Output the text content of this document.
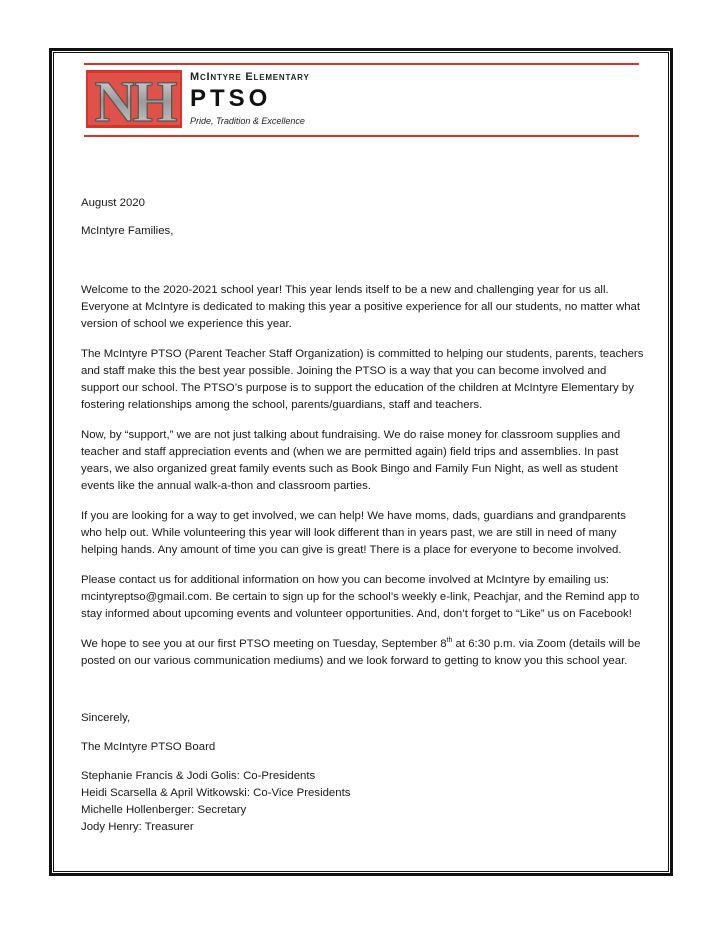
NH	McIntyre Elementary
PTSO
Pride, Tradition & Excellence
August 2020
McIntyre Families,
Welcome to the 2020-2021 school year! This year lends itself to be a new and challenging year for us all. Everyone at McIntyre is dedicated to making this year a positive experience for all our students, no matter what version of school we experience this year.
The McIntyre PTSO (Parent Teacher Staff Organization) is committed to helping our students, parents, teachers and staff make this the best year possible. Joining the PTSO is a way that you can become involved and support our school. The PTSO’s purpose is to support the education of the children at McIntyre Elementary by fostering relationships among the school, parents/guardians, staff and teachers.
Now, by “support,” we are not just talking about fundraising. We do raise money for classroom supplies and teacher and staff appreciation events and (when we are permitted again) field trips and assemblies. In past years, we also organized great family events such as Book Bingo and Family Fun Night, as well as student events like the annual walk-a-thon and classroom parties.
If you are looking for a way to get involved, we can help! We have moms, dads, guardians and grandparents who help out. While volunteering this year will look different than in years past, we are still in need of many helping hands. Any amount of time you can give is great! There is a place for everyone to become involved.
Please contact us for additional information on how you can become involved at McIntyre by emailing us: mcintyreptso@gmail.com. Be certain to sign up for the school’s weekly e-link, Peachjar, and the Remind app to stay informed about upcoming events and volunteer opportunities. And, don’t forget to “Like” us on Facebook!
We hope to see you at our first PTSO meeting on Tuesday, September 8th at 6:30 p.m. via Zoom (details will be posted on our various communication mediums) and we look forward to getting to know you this school year.
Sincerely,
The McIntyre PTSO Board

Stephanie Francis & Jodi Golis: Co-Presidents

Heidi Scarsella & April Witkowski: Co-Vice Presidents

Michelle Hollenberger: Secretary

Jody Henry: Treasurer
